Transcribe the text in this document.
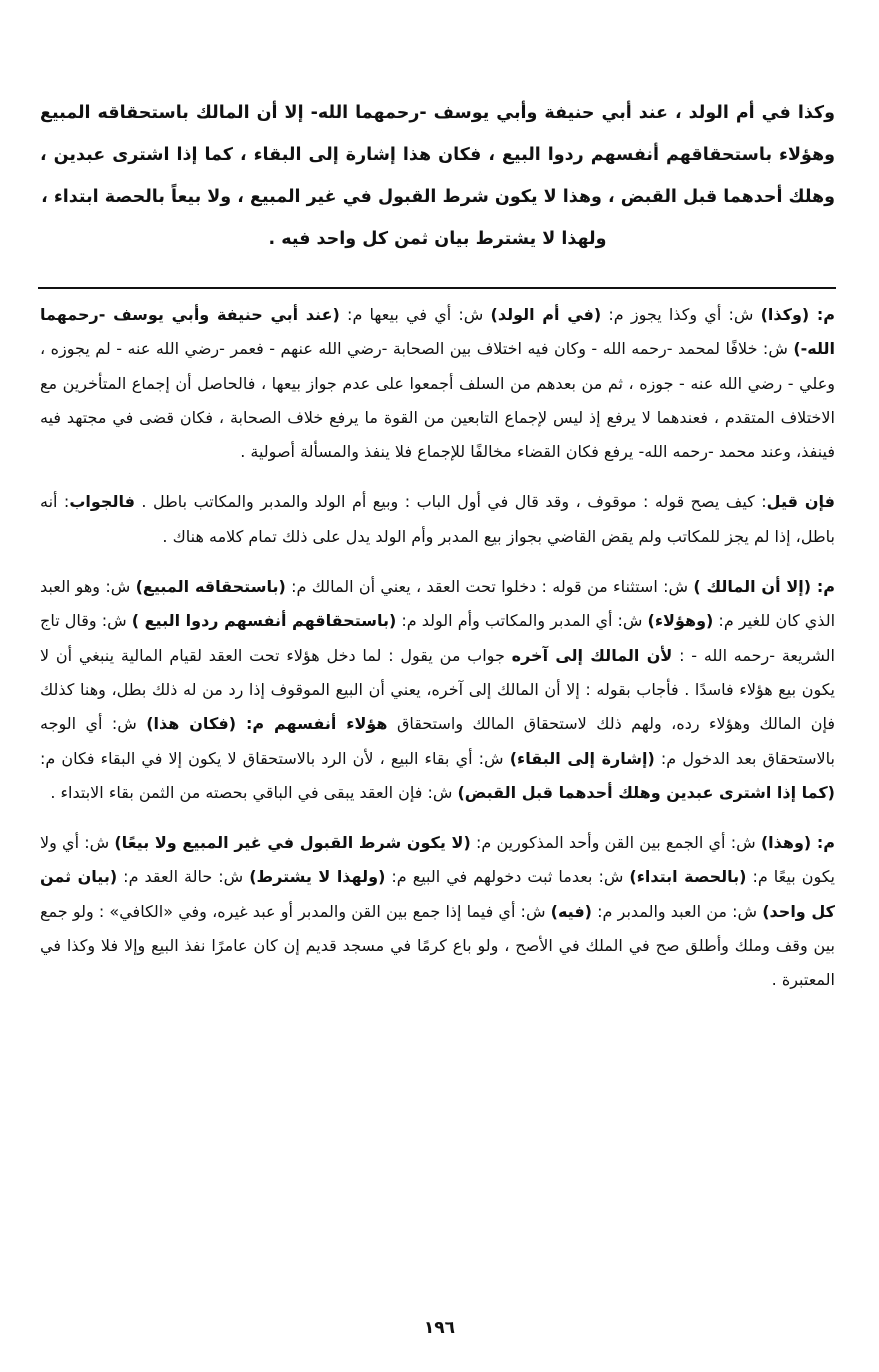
وكذا في أم الولد ، عند أبي حنيفة وأبي يوسف -رحمهما الله- إلا أن المالك باستحقاقه المبيع وهؤلاء باستحقاقهم أنفسهم ردوا البيع ، فكان هذا إشارة إلى البقاء ، كما إذا اشترى عبدين ، وهلك أحدهما قبل القبض ، وهذا لا يكون شرط القبول في غير المبيع ، ولا بيعاً بالحصة ابتداء ،
ولهذا لا يشترط بيان ثمن كل واحد فيه .

م: (وكذا) ش: أي وكذا يجوز م: (في أم الولد) ش: أي في بيعها م: (عند أبي حنيفة وأبي يوسف -رحمهما الله-) ش: خلافًا لمحمد -رحمه الله - وكان فيه اختلاف بين الصحابة -رضي الله عنهم - فعمر -رضي الله عنه - لم يجوزه ، وعلي - رضي الله عنه - جوزه ، ثم من بعدهم من السلف أجمعوا على عدم جواز بيعها ، فالحاصل أن إجماع المتأخرين مع الاختلاف المتقدم ، فعندهما لا يرفع إذ ليس لإجماع التابعين من القوة ما يرفع خلاف الصحابة ، فكان قضى في مجتهد فيه فينفذ، وعند محمد -رحمه الله- يرفع فكان القضاء مخالفًا للإجماع فلا ينفذ والمسألة أصولية .

فإن قيل: كيف يصح قوله : موقوف ، وقد قال في أول الباب : وبيع أم الولد والمدبر والمكاتب باطل . فالجواب: أنه باطل، إذا لم يجز للمكاتب ولم يقض القاضي بجواز بيع المدبر وأم الولد يدل على ذلك تمام كلامه هناك .

م: (إلا أن المالك ) ش: استثناء من قوله : دخلوا تحت العقد ، يعني أن المالك م: (باستحقاقه المبيع) ش: وهو العبد الذي كان للغير م: (وهؤلاء) ش: أي المدبر والمكاتب وأم الولد م: (باستحقاقهم أنفسهم ردوا البيع ) ش: وقال تاج الشريعة -رحمه الله - : لأن المالك إلى آخره جواب من يقول : لما دخل هؤلاء تحت العقد لقيام المالية ينبغي أن لا يكون بيع هؤلاء فاسدًا . فأجاب بقوله : إلا أن المالك إلى آخره، يعني أن البيع الموقوف إذا رد من له ذلك بطل، وهنا كذلك فإن المالك وهؤلاء رده، ولهم ذلك لاستحقاق المالك واستحقاق هؤلاء أنفسهم م: (فكان هذا) ش: أي الوجه بالاستحقاق بعد الدخول م: (إشارة إلى البقاء) ش: أي بقاء البيع ، لأن الرد بالاستحقاق لا يكون إلا في البقاء فكان م: (كما إذا اشترى عبدين وهلك أحدهما قبل القبض) ش: فإن العقد يبقى في الباقي بحصته من الثمن بقاء الابتداء .

م: (وهذا) ش: أي الجمع بين القن وأحد المذكورين م: (لا يكون شرط القبول في غير المبيع ولا بيعًا) ش: أي ولا يكون بيعًا م: (بالحصة ابتداء) ش: بعدما ثبت دخولهم في البيع م: (ولهذا لا يشترط) ش: حالة العقد م: (بيان ثمن كل واحد) ش: من العبد والمدبر م: (فيه) ش: أي فيما إذا جمع بين القن والمدبر أو عبد غيره، وفي «الكافي» : ولو جمع بين وقف وملك وأطلق صح في الملك في الأصح ، ولو باع كرمًا في مسجد قديم إن كان عامرًا نفذ البيع وإلا فلا وكذا في المعتبرة .

١٩٦
